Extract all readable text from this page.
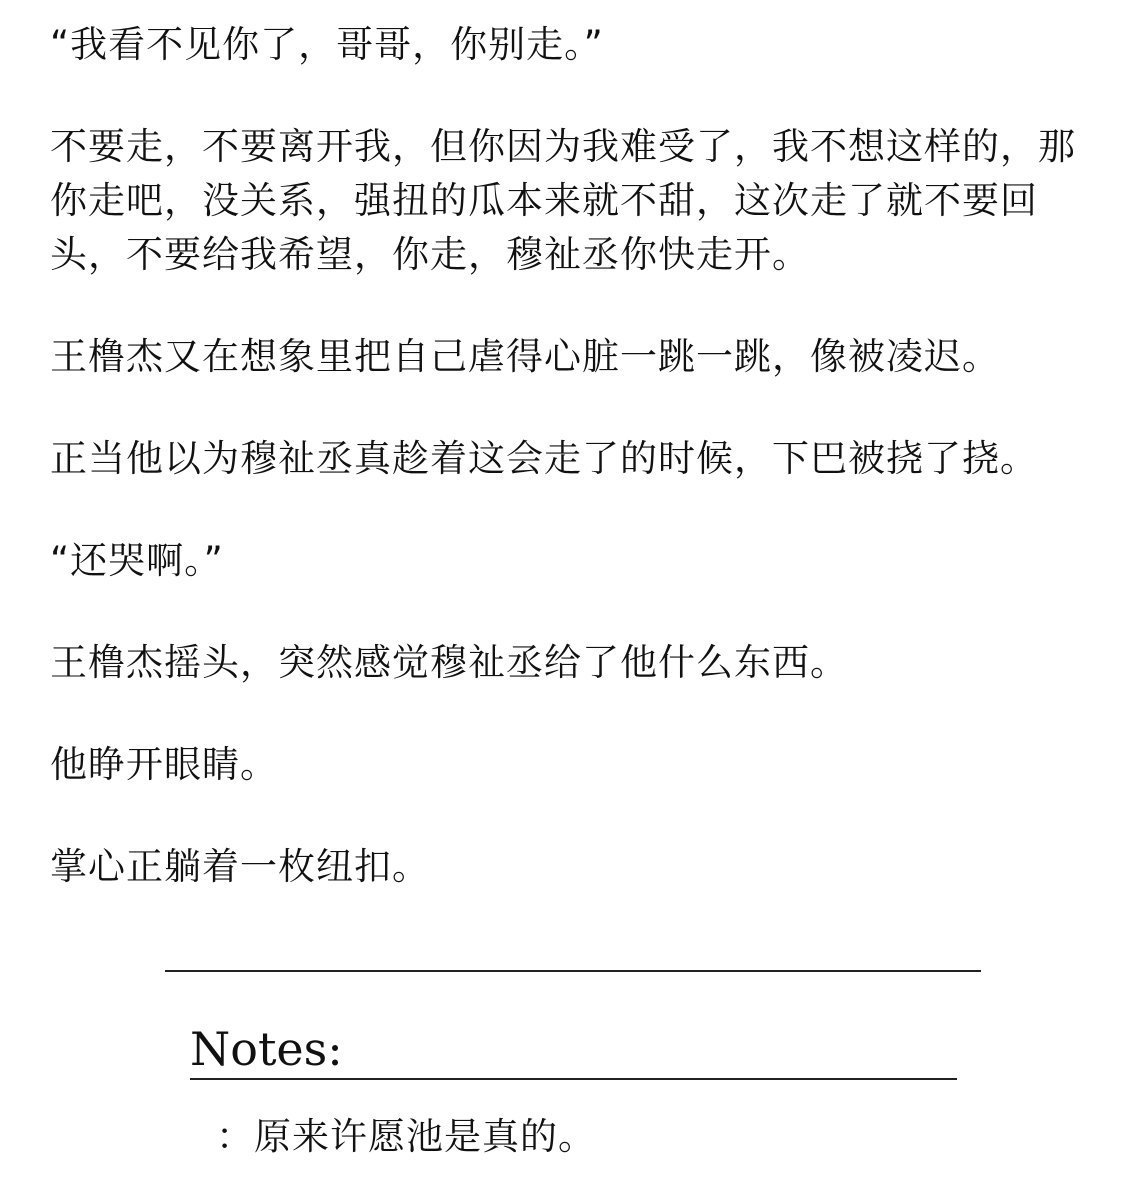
“我看不见你了，哥哥，你别走。”

不要走，不要离开我，但你因为我难受了，我不想这样的，那你走吧，没关系，强扭的瓜本来就不甜，这次走了就不要回头，不要给我希望，你走，穆祉丞你快走开。

王橹杰又在想象里把自己虐得心脏一跳一跳，像被凌迟。

正当他以为穆祉丞真趁着这会走了的时候，下巴被挠了挠。

“还哭啊。”

王橹杰摇头，突然感觉穆祉丞给了他什么东西。

他睁开眼睛。

掌心正躺着一枚纽扣。

Notes:
：原来许愿池是真的。
